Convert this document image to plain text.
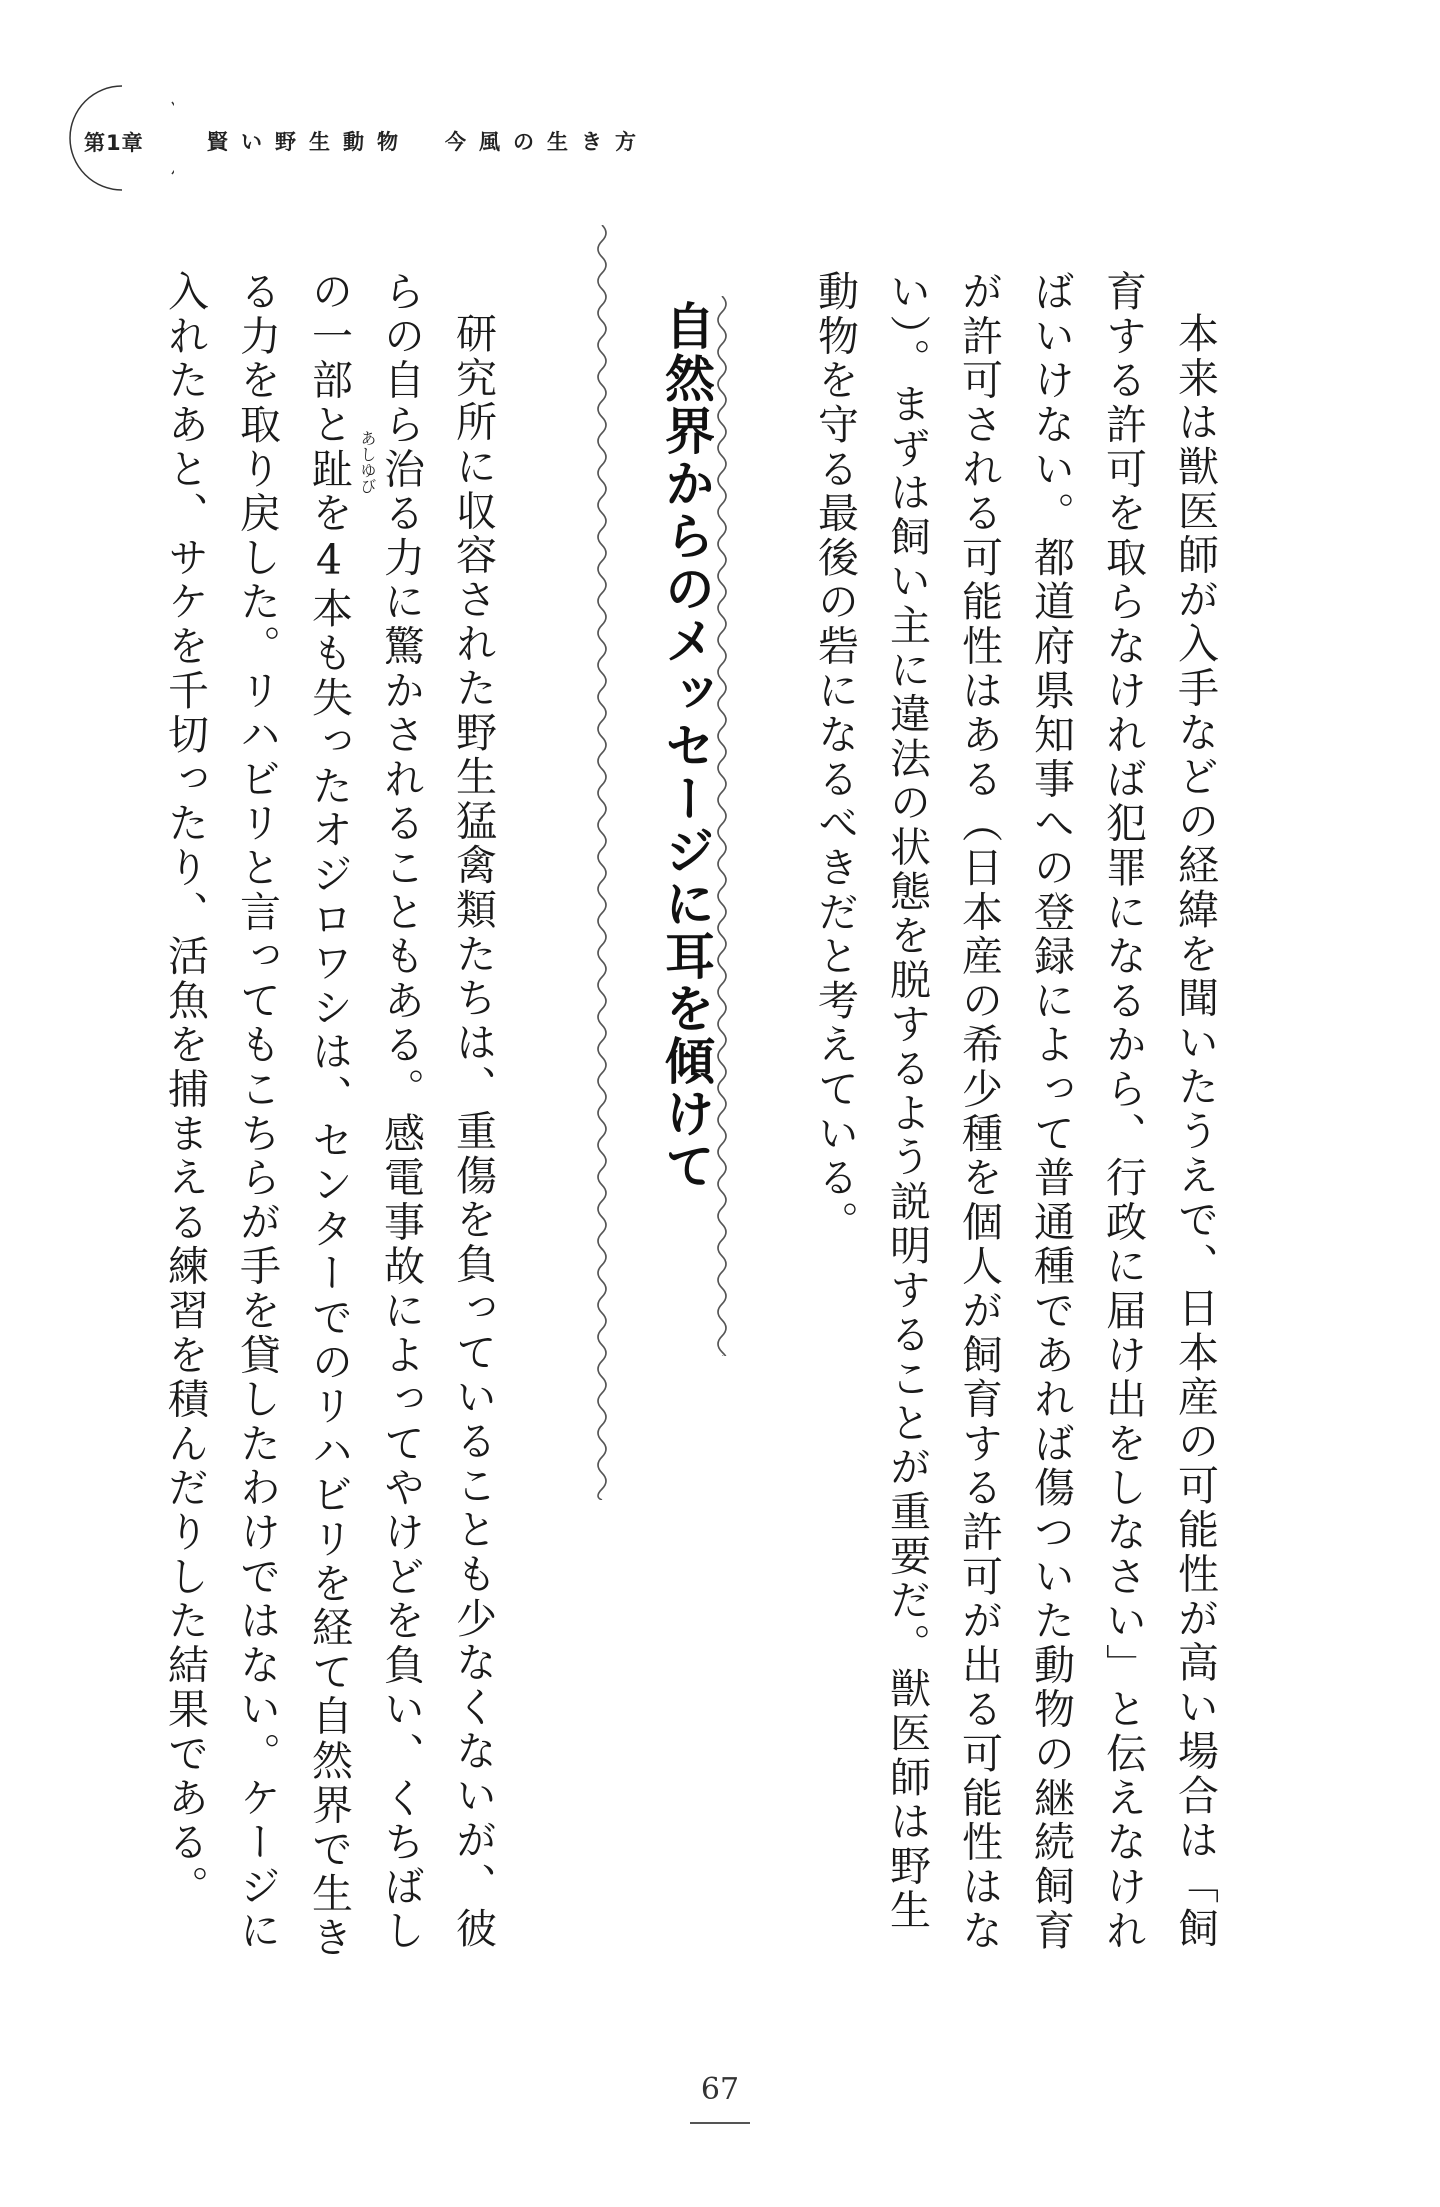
第1章	賢い野生動物　今風の生き方
本来は獣医師が入手などの経緯を聞いたうえで、日本産の可能性が高い場合は「飼
育する許可を取らなければ犯罪になるから、行政に届け出をしなさい」と伝えなけれ
ばいけない。都道府県知事への登録によって普通種であれば傷ついた動物の継続飼育
が許可される可能性はある（日本産の希少種を個人が飼育する許可が出る可能性はな
い）。まずは飼い主に違法の状態を脱するよう説明することが重要だ。獣医師は野生
動物を守る最後の砦になるべきだと考えている。
自然界からのメッセージに耳を傾けて
研究所に収容された野生猛禽類たちは、重傷を負っていることも少なくないが、彼
らの自ら治る力に驚かされることもある。感電事故によってやけどを負い、くちばし
の一部と趾を4本も失ったオジロワシは、センターでのリハビリを経て自然界で生き あしゆび
る力を取り戻した。リハビリと言ってもこちらが手を貸したわけではない。ケージに
入れたあと、サケを千切ったり、活魚を捕まえる練習を積んだりした結果である。
67
